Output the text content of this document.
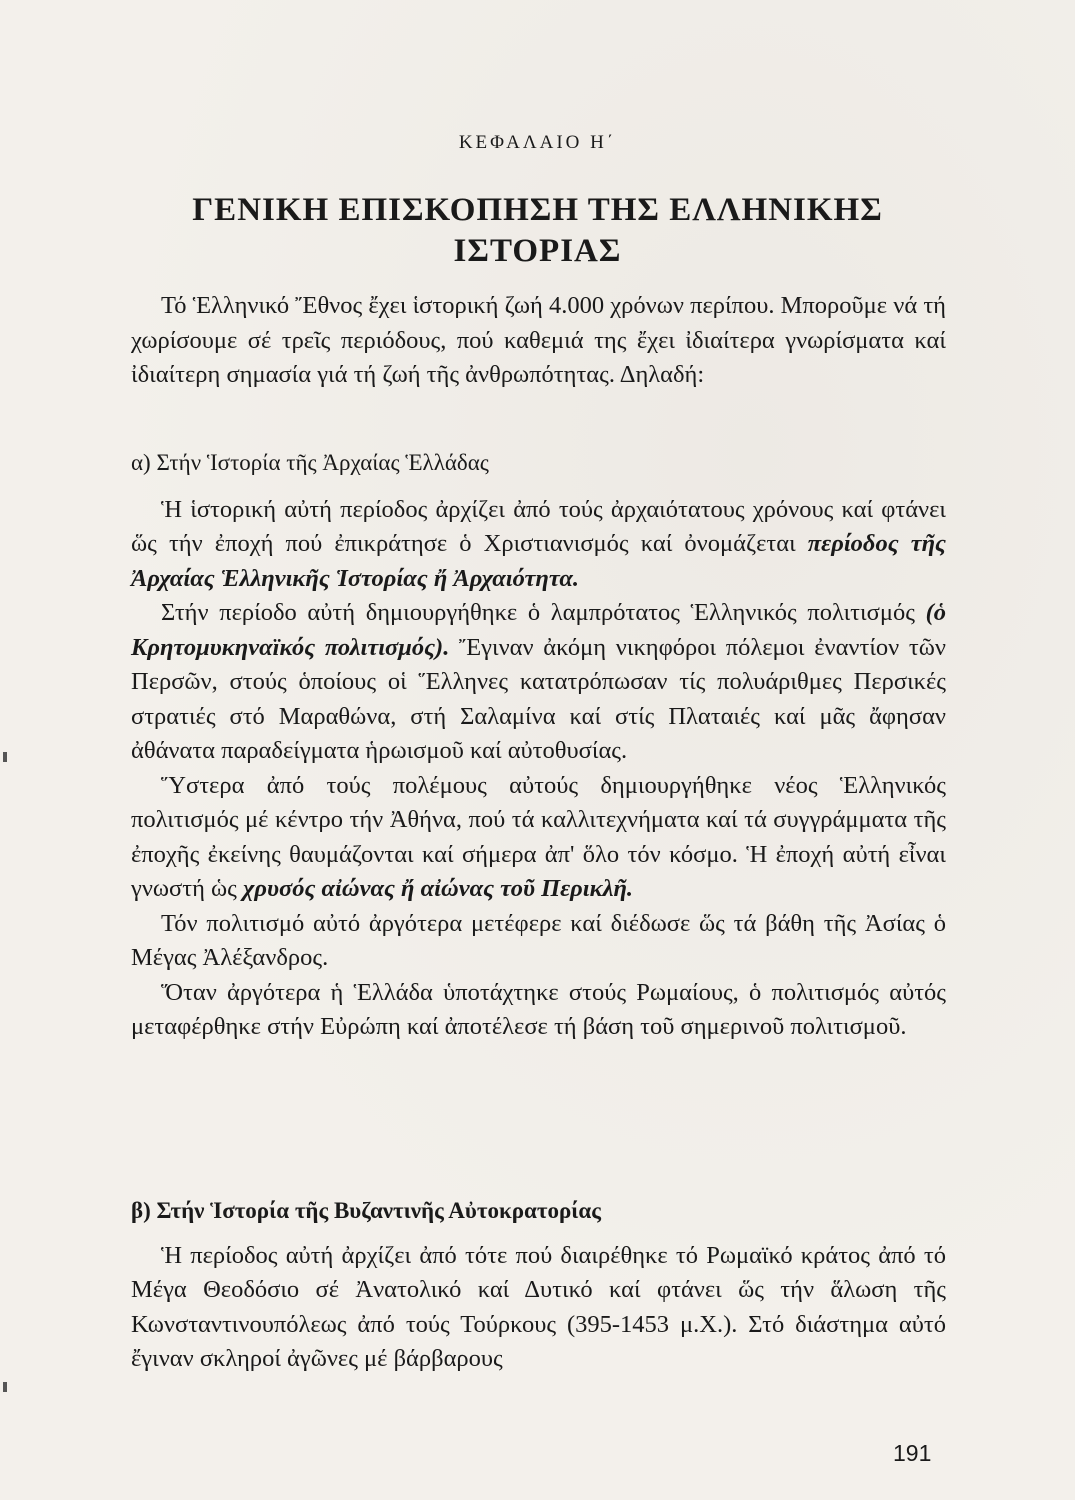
ΚΕΦΑΛΑΙΟ Η΄
ΓΕΝΙΚΗ ΕΠΙΣΚΟΠΗΣΗ ΤΗΣ ΕΛΛΗΝΙΚΗΣ
ΙΣΤΟΡΙΑΣ

Τό Ἑλληνικό Ἔθνος ἔχει ἱστορική ζωή 4.000 χρόνων περίπου. Μποροῦμε νά τή χωρίσουμε σέ τρεῖς περιόδους, πού καθεμιά της ἔχει ἰδιαίτερα γνωρίσματα καί ἰδιαίτερη σημασία γιά τή ζωή τῆς ἀνθρωπότητας. Δηλαδή:

α) Στήν Ἱστορία τῆς Ἀρχαίας Ἑλλάδας

Ἡ ἱστορική αὐτή περίοδος ἀρχίζει ἀπό τούς ἀρχαιότατους χρόνους καί φτάνει ὥς τήν ἐποχή πού ἐπικράτησε ὁ Χριστιανισμός καί ὀνομάζεται περίοδος τῆς Ἀρχαίας Ἑλληνικῆς Ἱστορίας ἤ Ἀρχαιότητα.

Στήν περίοδο αὐτή δημιουργήθηκε ὁ λαμπρότατος Ἑλληνικός πολιτισμός (ὁ Κρητομυκηναϊκός πολιτισμός). Ἔγιναν ἀκόμη νικηφόροι πόλεμοι ἐναντίον τῶν Περσῶν, στούς ὁποίους οἱ Ἕλληνες κατατρόπωσαν τίς πολυάριθμες Περσικές στρατιές στό Μαραθώνα, στή Σαλαμίνα καί στίς Πλαταιές καί μᾶς ἄφησαν ἀθάνατα παραδείγματα ἡρωισμοῦ καί αὐτοθυσίας.

Ὕστερα ἀπό τούς πολέμους αὐτούς δημιουργήθηκε νέος Ἑλληνικός πολιτισμός μέ κέντρο τήν Ἀθήνα, πού τά καλλιτεχνήματα καί τά συγγράμματα τῆς ἐποχῆς ἐκείνης θαυμάζονται καί σήμερα ἀπ' ὅλο τόν κόσμο. Ἡ ἐποχή αὐτή εἶναι γνωστή ὡς χρυσός αἰώνας ἤ αἰώνας τοῦ Περικλῆ.

Τόν πολιτισμό αὐτό ἀργότερα μετέφερε καί διέδωσε ὥς τά βάθη τῆς Ἀσίας ὁ Μέγας Ἀλέξανδρος.

Ὅταν ἀργότερα ἡ Ἑλλάδα ὑποτάχτηκε στούς Ρωμαίους, ὁ πολιτισμός αὐτός μεταφέρθηκε στήν Εὐρώπη καί ἀποτέλεσε τή βάση τοῦ σημερινοῦ πολιτισμοῦ.

β) Στήν Ἱστορία τῆς Βυζαντινῆς Αὐτοκρατορίας

Ἡ περίοδος αὐτή ἀρχίζει ἀπό τότε πού διαιρέθηκε τό Ρωμαϊκό κράτος ἀπό τό Μέγα Θεοδόσιο σέ Ἀνατολικό καί Δυτικό καί φτάνει ὥς τήν ἅλωση τῆς Κωνσταντινουπόλεως ἀπό τούς Τούρκους (395-1453 μ.Χ.). Στό διάστημα αὐτό ἔγιναν σκληροί ἀγῶνες μέ βάρβαρους

191
